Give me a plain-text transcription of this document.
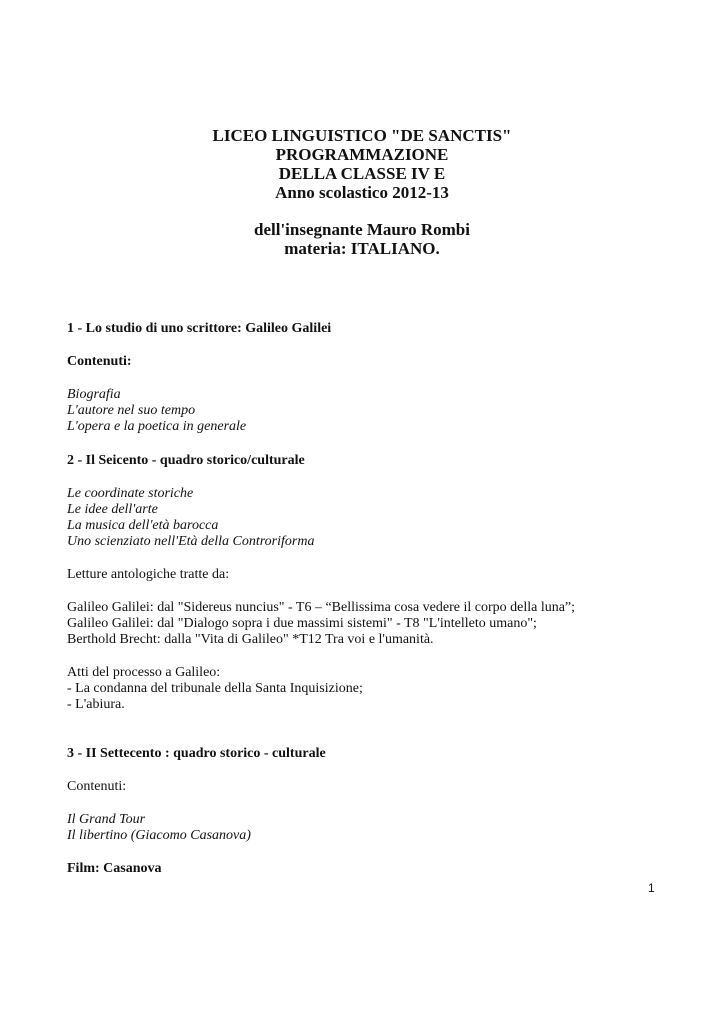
LICEO LINGUISTICO "DE SANCTIS"
PROGRAMMAZIONE
DELLA CLASSE IV E
Anno scolastico 2012-13
dell'insegnante Mauro Rombi
materia: ITALIANO.
1 - Lo studio di uno scrittore: Galileo Galilei
Contenuti:
Biografia
L'autore nel suo tempo
L'opera e la poetica in generale
2 - Il Seicento - quadro storico/culturale
Le coordinate storiche
Le idee dell'arte
La musica dell'età barocca
Uno scienziato nell'Età della Controriforma
Letture antologiche tratte da:
Galileo Galilei: dal "Sidereus nuncius" - T6 – “Bellissima cosa vedere il corpo della luna”;
Galileo Galilei: dal "Dialogo sopra i due massimi sistemi" - T8 "L'intelleto umano";
Berthold Brecht: dalla "Vita di Galileo" *T12 Tra voi e l'umanità.
Atti del processo a Galileo:
- La condanna del tribunale della Santa Inquisizione;
- L'abiura.
3 - II Settecento : quadro storico - culturale
Contenuti:
Il Grand Tour
Il libertino (Giacomo Casanova)
Film: Casanova
1
